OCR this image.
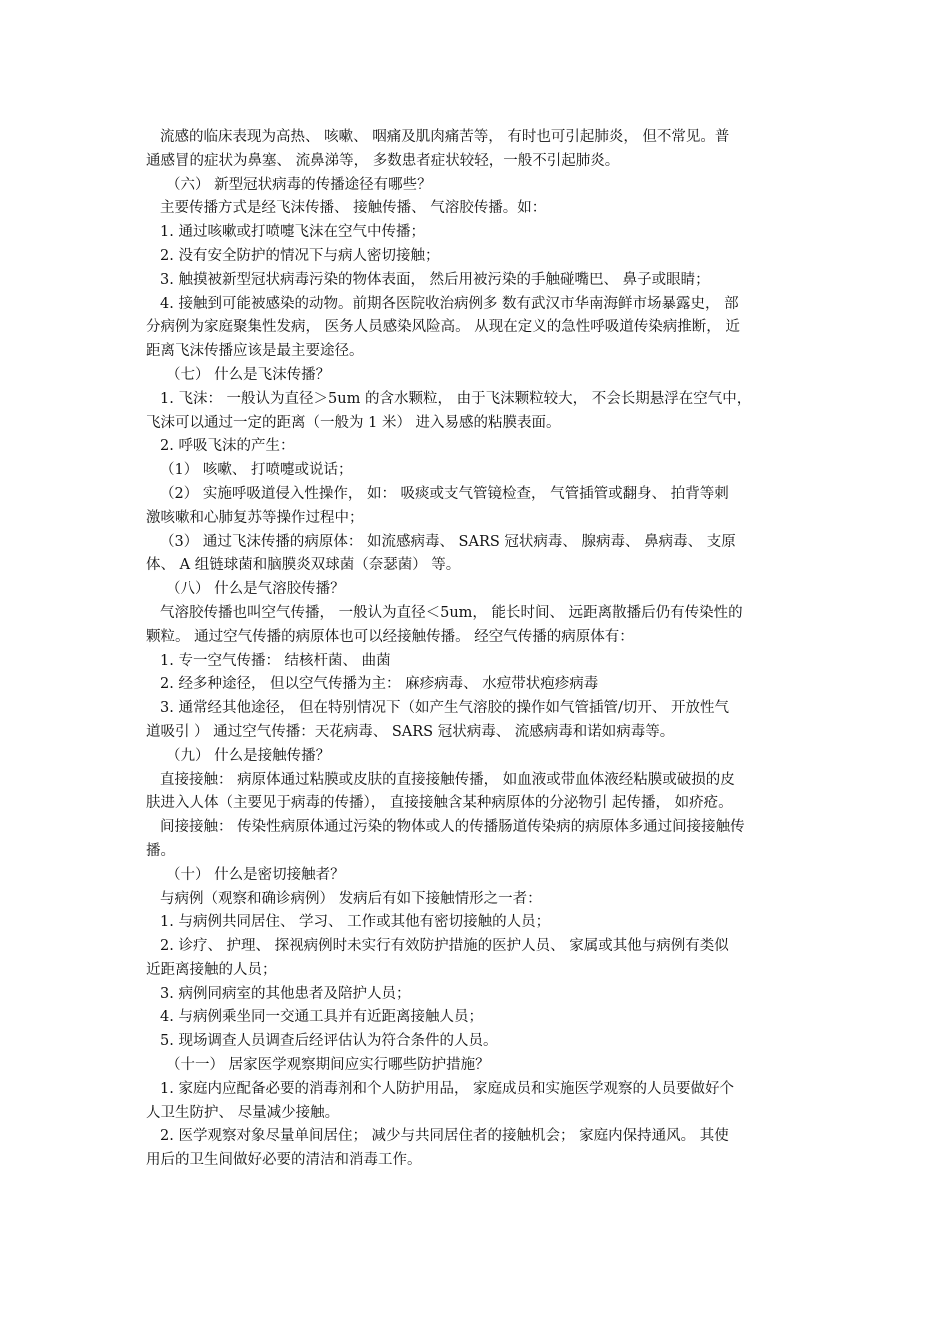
流感的临床表现为高热、 咳嗽、 咽痛及肌肉痛苦等， 有时也可引起肺炎， 但不常见。普
通感冒的症状为鼻塞、 流鼻涕等， 多数患者症状较轻，一般不引起肺炎。
（六） 新型冠状病毒的传播途径有哪些？
主要传播方式是经飞沫传播、 接触传播、 气溶胶传播。如：
1. 通过咳嗽或打喷嚏飞沫在空气中传播；
2. 没有安全防护的情况下与病人密切接触；
3. 触摸被新型冠状病毒污染的物体表面， 然后用被污染的手触碰嘴巴、 鼻子或眼睛；
4. 接触到可能被感染的动物。前期各医院收治病例多 数有武汉市华南海鲜市场暴露史， 部
分病例为家庭聚集性发病， 医务人员感染风险高。 从现在定义的急性呼吸道传染病推断， 近
距离飞沫传播应该是最主要途径。
（七） 什么是飞沫传播？
1. 飞沫： 一般认为直径＞5um 的含水颗粒， 由于飞沫颗粒较大， 不会长期悬浮在空气中，
飞沫可以通过一定的距离（一般为 1 米） 进入易感的粘膜表面。
2. 呼吸飞沫的产生：
（1） 咳嗽、 打喷嚏或说话；
（2） 实施呼吸道侵入性操作， 如： 吸痰或支气管镜检查， 气管插管或翻身、 拍背等刺
激咳嗽和心肺复苏等操作过程中；
（3） 通过飞沫传播的病原体： 如流感病毒、 SARS 冠状病毒、 腺病毒、 鼻病毒、 支原
体、 A 组链球菌和脑膜炎双球菌（奈瑟菌） 等。
（八） 什么是气溶胶传播？
气溶胶传播也叫空气传播， 一般认为直径＜5um， 能长时间、 远距离散播后仍有传染性的
颗粒。 通过空气传播的病原体也可以经接触传播。 经空气传播的病原体有：
1. 专一空气传播： 结核杆菌、 曲菌
2. 经多种途径， 但以空气传播为主： 麻疹病毒、 水痘带状疱疹病毒
3. 通常经其他途径， 但在特别情况下（如产生气溶胶的操作如气管插管/切开、 开放性气
道吸引 ） 通过空气传播：天花病毒、 SARS 冠状病毒、 流感病毒和诺如病毒等。
（九） 什么是接触传播？
直接接触： 病原体通过粘膜或皮肤的直接接触传播， 如血液或带血体液经粘膜或破损的皮
肤进入人体（主要见于病毒的传播）， 直接接触含某种病原体的分泌物引 起传播， 如疥疮。
间接接触： 传染性病原体通过污染的物体或人的传播肠道传染病的病原体多通过间接接触传
播。
（十） 什么是密切接触者？
与病例（观察和确诊病例） 发病后有如下接触情形之一者：
1. 与病例共同居住、 学习、 工作或其他有密切接触的人员；
2. 诊疗、 护理、 探视病例时未实行有效防护措施的医护人员、 家属或其他与病例有类似
近距离接触的人员；
3. 病例同病室的其他患者及陪护人员；
4. 与病例乘坐同一交通工具并有近距离接触人员；
5. 现场调查人员调查后经评估认为符合条件的人员。
（十一） 居家医学观察期间应实行哪些防护措施？
1. 家庭内应配备必要的消毒剂和个人防护用品， 家庭成员和实施医学观察的人员要做好个
人卫生防护、 尽量减少接触。
2. 医学观察对象尽量单间居住； 减少与共同居住者的接触机会； 家庭内保持通风。 其使
用后的卫生间做好必要的清洁和消毒工作。
